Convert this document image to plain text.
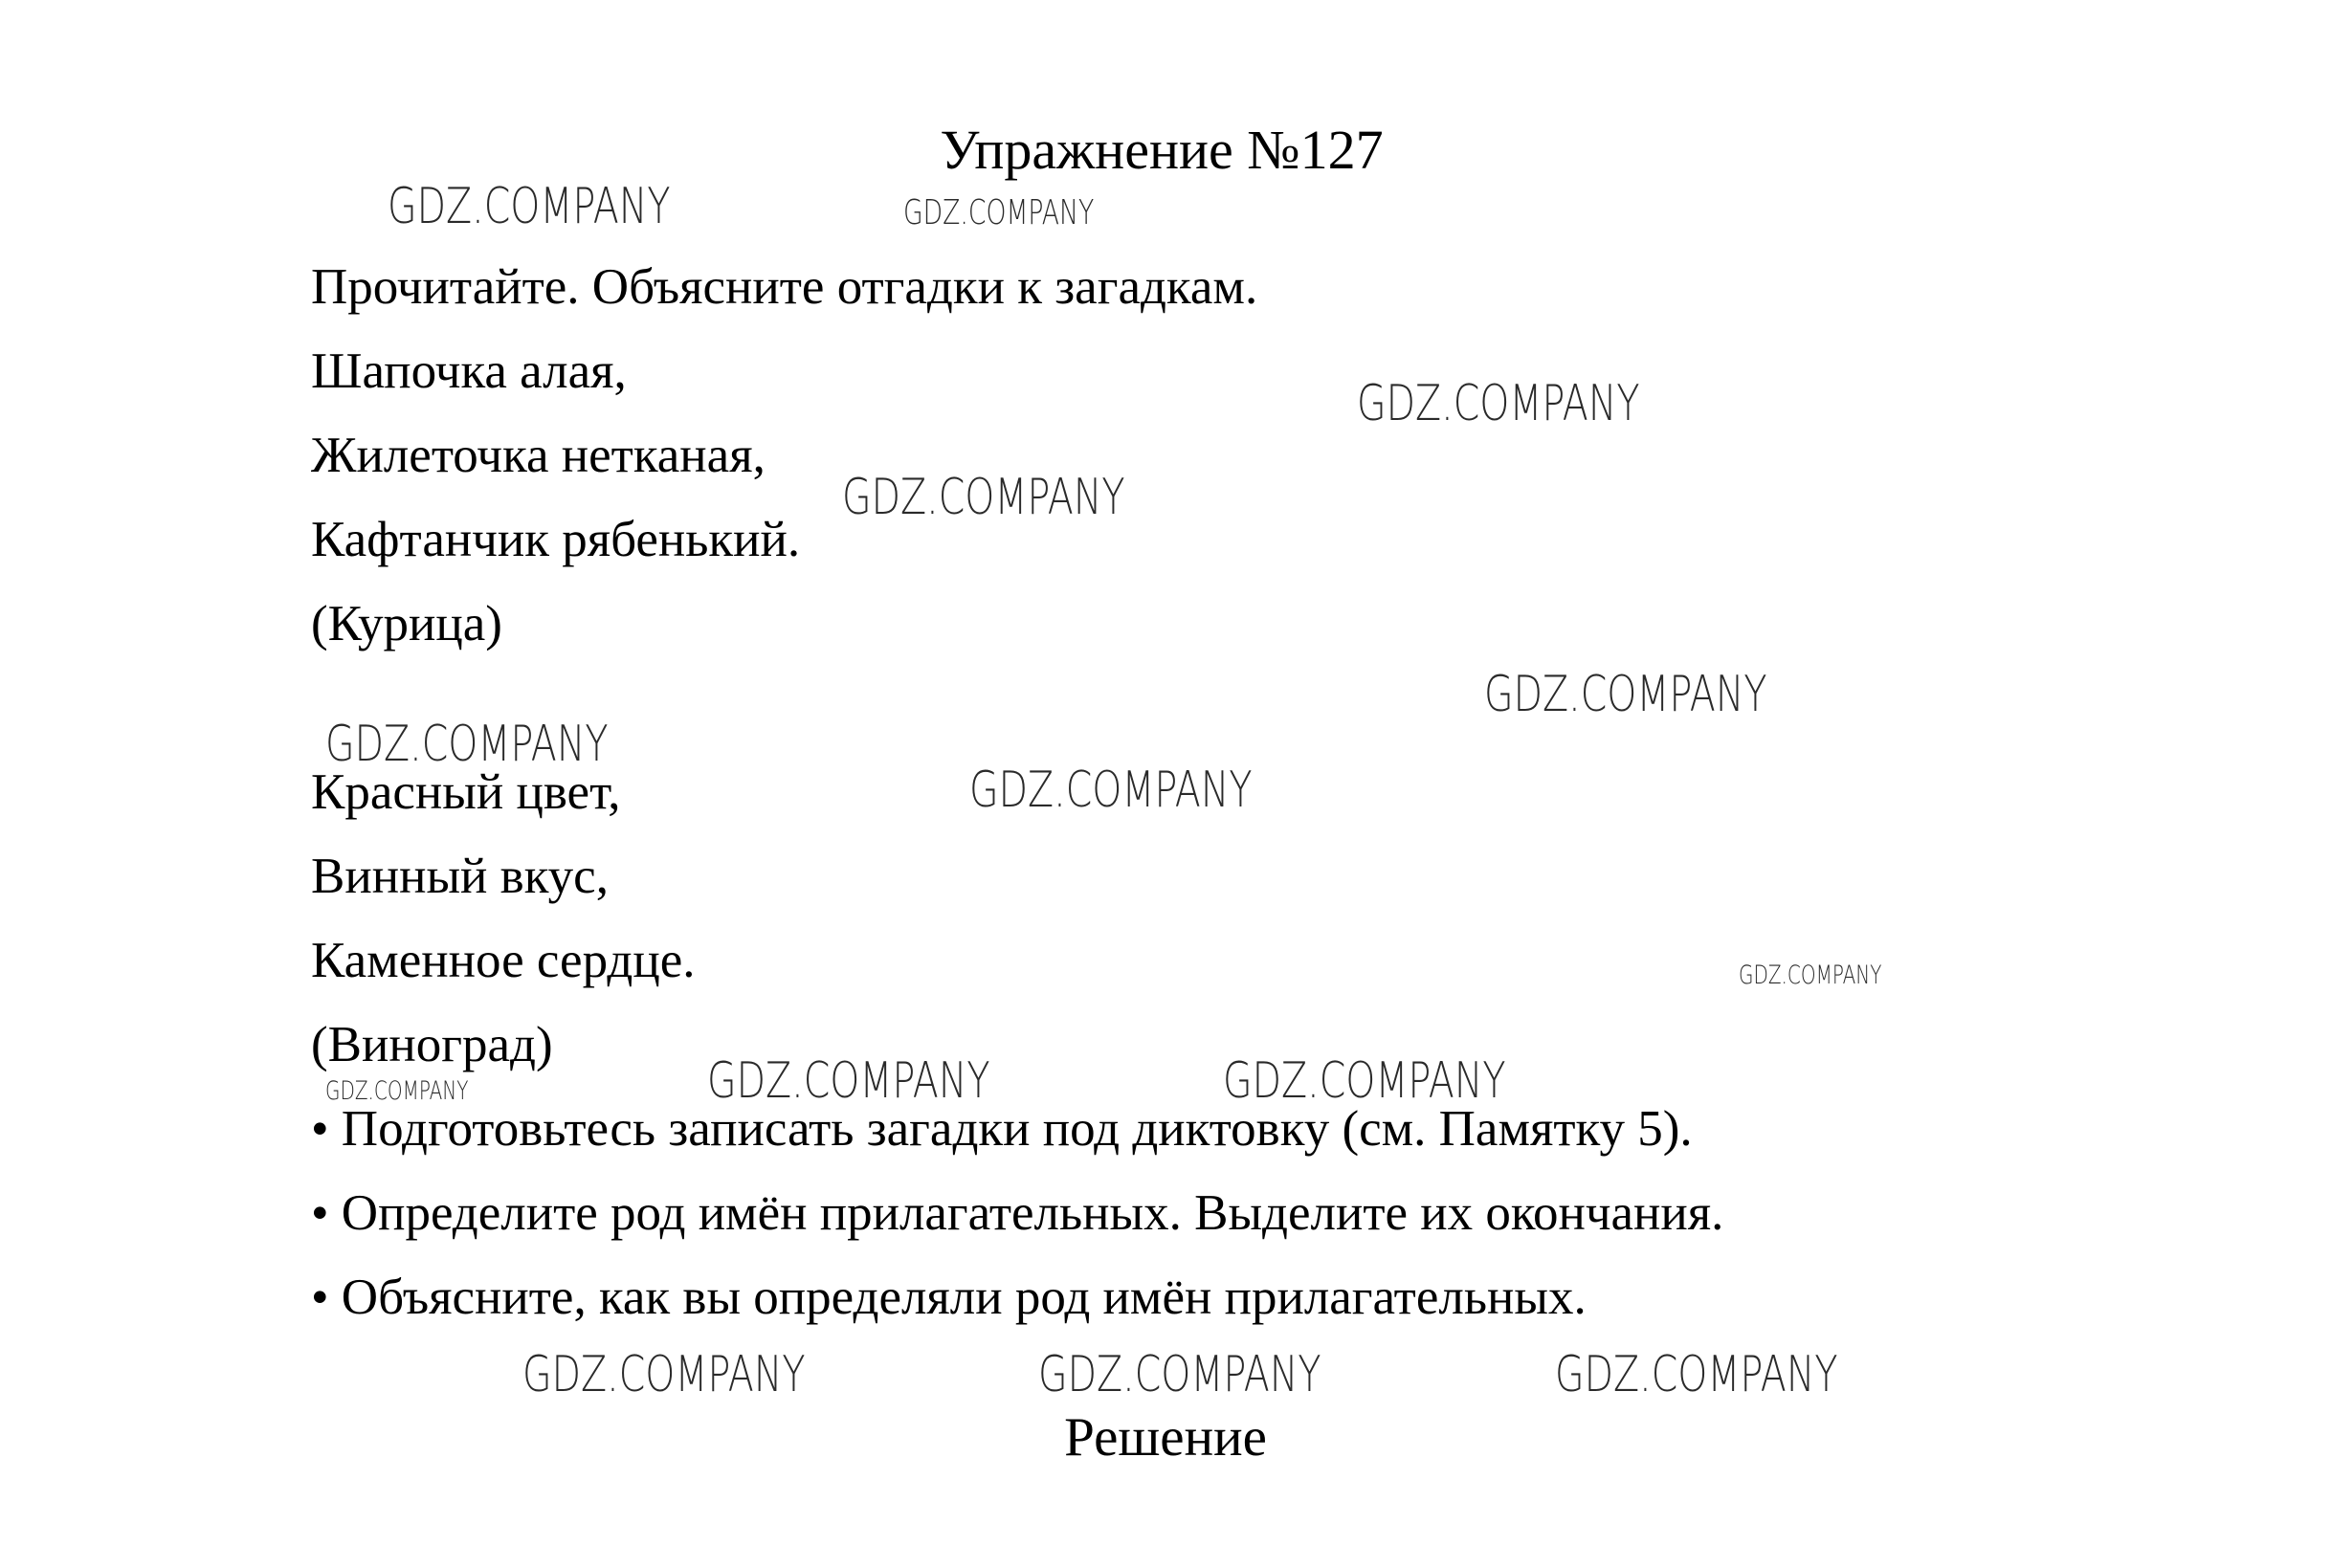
Упражнение №127
Прочитайте. Объясните отгадки к загадкам.
Шапочка алая,
Жилеточка нетканая,
Кафтанчик рябенький.
(Курица)
Красный цвет,
Винный вкус,
Каменное сердце.
(Виноград)
• Подготовьтесь записать загадки под диктовку (см. Памятку 5).
• Определите род имён прилагательных. Выделите их окончания.
• Объясните, как вы определяли род имён прилагательных.
Решение
GDZ.COMPANY	GDZ.COMPANY
GDZ.COMPANY
GDZ.COMPANY
GDZ.COMPANY
GDZ.COMPANY
GDZ.COMPANY
GDZ.COMPANY
GDZ.COMPANY	GDZ.COMPANY	GDZ.COMPANY
GDZ.COMPANY	GDZ.COMPANY	GDZ.COMPANY
